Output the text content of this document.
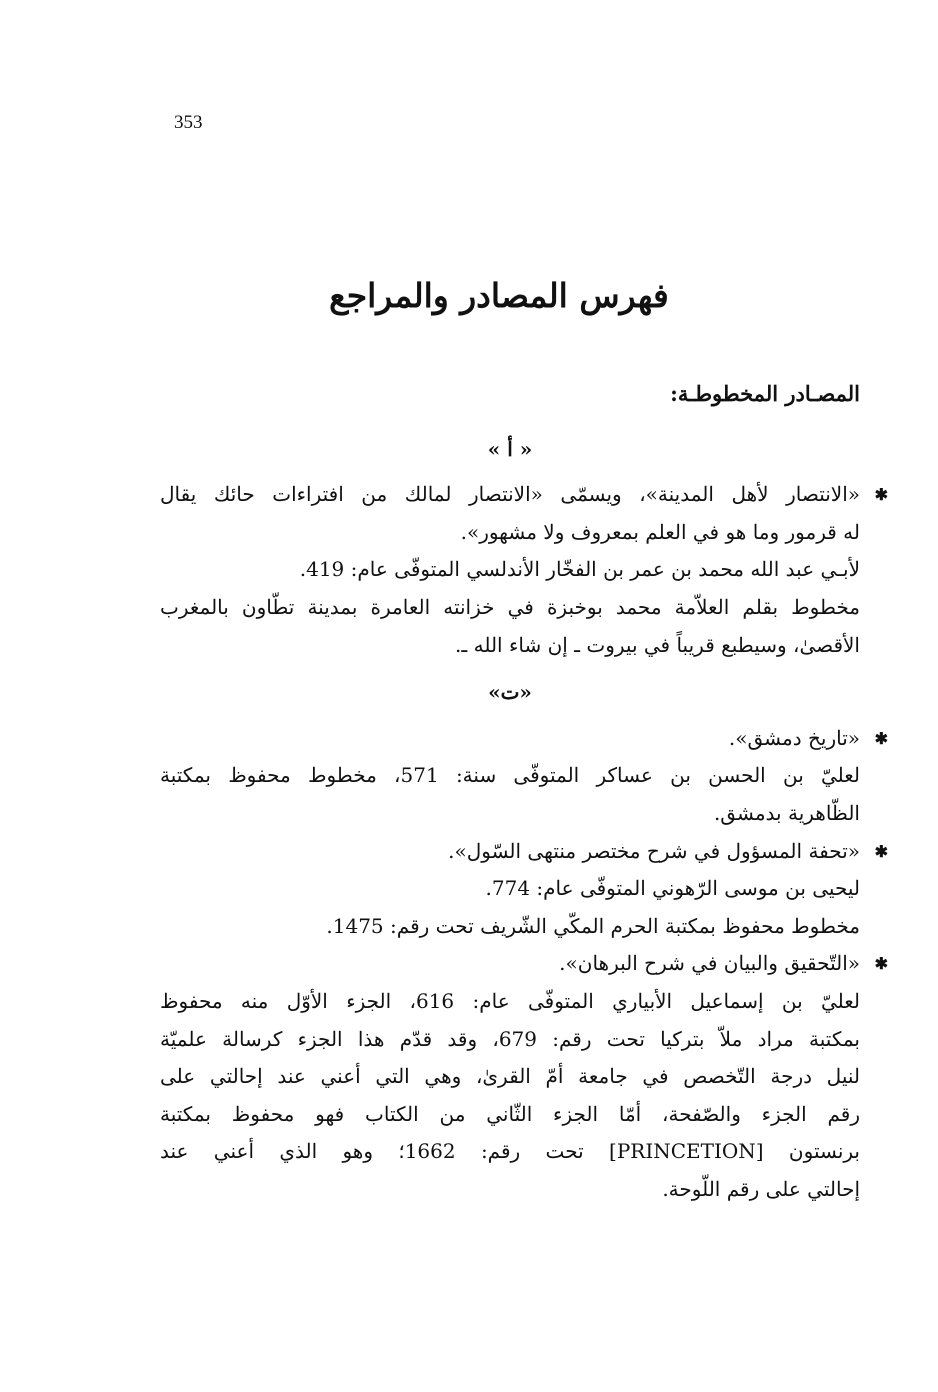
353
فهرس المصادر والمراجع
المصـادر المخطوطـة:
« أ »
✱
«الانتصار لأهل المدينة»، ويسمّى «الانتصار لمالك من افتراءات حائك يقال
له قرمور وما هو في العلم بمعروف ولا مشهور».
لأبـي عبد الله محمد بن عمر بن الفخّار الأندلسي المتوفّى عام: 419.
مخطوط بقلم العلاّمة محمد بوخبزة في خزانته العامرة بمدينة تطّاون بالمغرب
الأقصىٰ، وسيطبع قريباً في بيروت ـ إن شاء الله ـ.
«ت»
✱
«تاريخ دمشق».
لعليّ بن الحسن بن عساكر المتوفّى سنة: 571، مخطوط محفوظ بمكتبة
الظّاهرية بدمشق.
✱
«تحفة المسؤول في شرح مختصر منتهى السّول».
ليحيى بن موسى الرّهوني المتوفّى عام: 774.
مخطوط محفوظ بمكتبة الحرم المكّي الشّريف تحت رقم: 1475.
✱
«التّحقيق والبيان في شرح البرهان».
لعليّ بن إسماعيل الأبياري المتوفّى عام: 616، الجزء الأوّل منه محفوظ
بمكتبة مراد ملاّ بتركيا تحت رقم: 679، وقد قدّم هذا الجزء كرسالة علميّة
لنيل درجة التّخصص في جامعة أمّ القرىٰ، وهي التي أعني عند إحالتي على
رقم الجزء والصّفحة، أمّا الجزء الثّاني من الكتاب فهو محفوظ بمكتبة
برنستون [PRINCETION] تحت رقم: 1662؛ وهو الذي أعني عند
إحالتي على رقم اللّوحة.
